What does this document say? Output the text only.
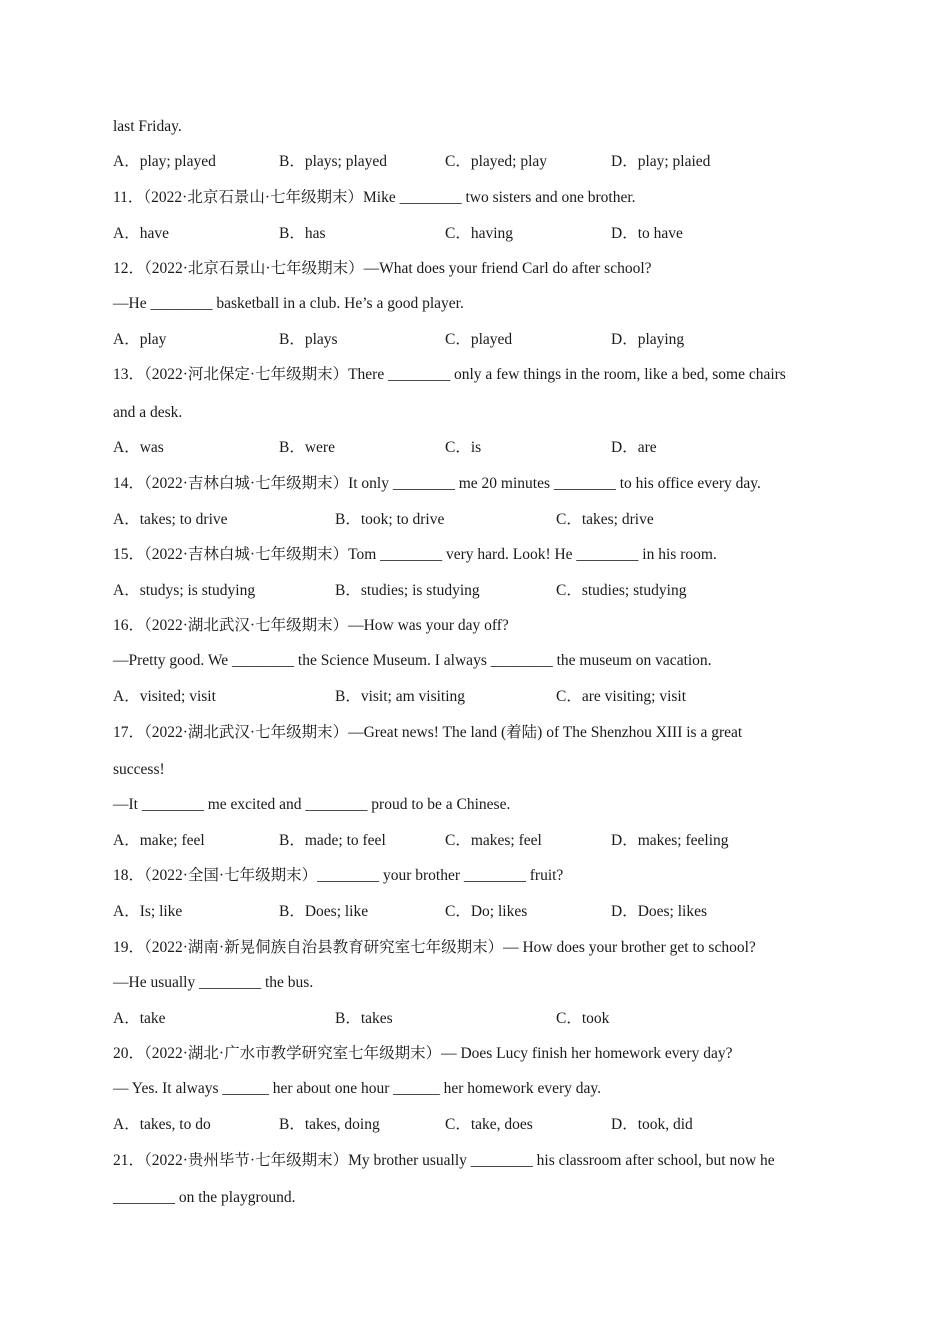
last Friday.
A．play; played	B．plays; played	C．played; play	D．play; plaied
11．（2022·北京石景山·七年级期末）Mike ________ two sisters and one brother.
A．have	B．has	C．having	D．to have
12．（2022·北京石景山·七年级期末）—What does your friend Carl do after school?
—He ________ basketball in a club. He’s a good player.
A．play	B．plays	C．played	D．playing
13．（2022·河北保定·七年级期末）There ________ only a few things in the room, like a bed, some chairs
and a desk.
A．was	B．were	C．is	D．are
14．（2022·吉林白城·七年级期末）It only ________ me 20 minutes ________ to his office every day.
A．takes; to drive	B．took; to drive	C．takes; drive
15．（2022·吉林白城·七年级期末）Tom ________ very hard. Look! He ________ in his room.
A．studys; is studying	B．studies; is studying	C．studies; studying
16．（2022·湖北武汉·七年级期末）—How was your day off?
—Pretty good. We ________ the Science Museum. I always ________ the museum on vacation.
A．visited; visit	B．visit; am visiting	C．are visiting; visit
17．（2022·湖北武汉·七年级期末）—Great news! The land (着陆) of The Shenzhou XIII is a great
success!
—It ________ me excited and ________ proud to be a Chinese.
A．make; feel	B．made; to feel	C．makes; feel	D．makes; feeling
18．（2022·全国·七年级期末）________ your brother ________ fruit?
A．Is; like	B．Does; like	C．Do; likes	D．Does; likes
19．（2022·湖南·新晃侗族自治县教育研究室七年级期末）— How does your brother get to school?
—He usually ________ the bus.
A．take	B．takes	C．took
20．（2022·湖北·广水市教学研究室七年级期末）— Does Lucy finish her homework every day?
— Yes. It always ______ her about one hour ______ her homework every day.
A．takes, to do	B．takes, doing	C．take, does	D．took, did
21．（2022·贵州毕节·七年级期末）My brother usually ________ his classroom after school, but now he
________ on the playground.
